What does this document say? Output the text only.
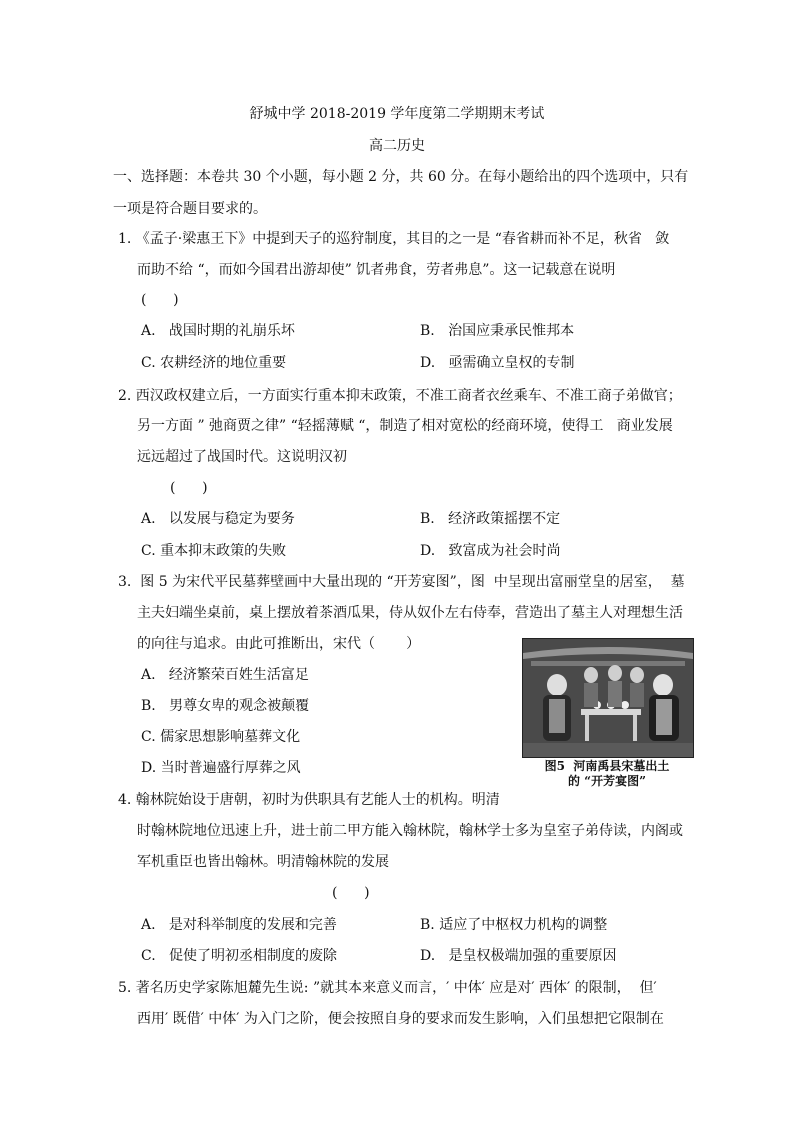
舒城中学 2018-2019 学年度第二学期期末考试
高二历史
一、选择题：本卷共 30 个小题，每小题 2 分，共 60 分。在每小题给出的四个选项中，只有
一项是符合题目要求的。
1. 《孟子·梁惠王下》中提到天子的巡狩制度，其目的之一是 “春省耕而补不足，秋省   敛
而助不给 “，而如今国君出游却使” 饥者弗食，劳者弗息”。这一记载意在说明
(      )
A.   战国时期的礼崩乐坏	B.   治国应秉承民惟邦本
C. 农耕经济的地位重要	D.   亟需确立皇权的专制
2. 西汉政权建立后，一方面实行重本抑末政策，不准工商者衣丝乘车、不准工商子弟做官；
另一方面 ” 弛商贾之律” “轻摇薄赋 “，制造了相对宽松的经商环境，使得工   商业发展
远远超过了战国时代。这说明汉初
(      )
A.   以发展与稳定为要务	B.   经济政策摇摆不定
C. 重本抑末政策的失败	D.   致富成为社会时尚
3.  图 5 为宋代平民墓葬壁画中大量出现的 “开芳宴图”，图  中呈现出富丽堂皇的居室，  墓
主夫妇端坐桌前，桌上摆放着茶酒瓜果，侍从奴仆左右侍奉，营造出了墓主人对理想生活
的向往与追求。由此可推断出，宋代（       ）
A.   经济繁荣百姓生活富足
B.   男尊女卑的观念被颠覆
C. 儒家思想影响墓葬文化
D. 当时普遍盛行厚葬之风	图5  河南禹县宋墓出土
的 “开芳宴图”
4. 翰林院始设于唐朝，初时为供职具有艺能人士的机构。明清
时翰林院地位迅速上升，进士前二甲方能入翰林院，翰林学士多为皇室子弟侍读，内阁或
军机重臣也皆出翰林。明清翰林院的发展
(      )
A.   是对科举制度的发展和完善	B. 适应了中枢权力机构的调整
C.   促使了明初丞相制度的废除	D.   是皇权极端加强的重要原因
5. 著名历史学家陈旭麓先生说: ”就其本来意义而言，′ 中体′ 应是对′ 西体′ 的限制，  但′
西用′ 既借′ 中体′ 为入门之阶，便会按照自身的要求而发生影响，入们虽想把它限制在
